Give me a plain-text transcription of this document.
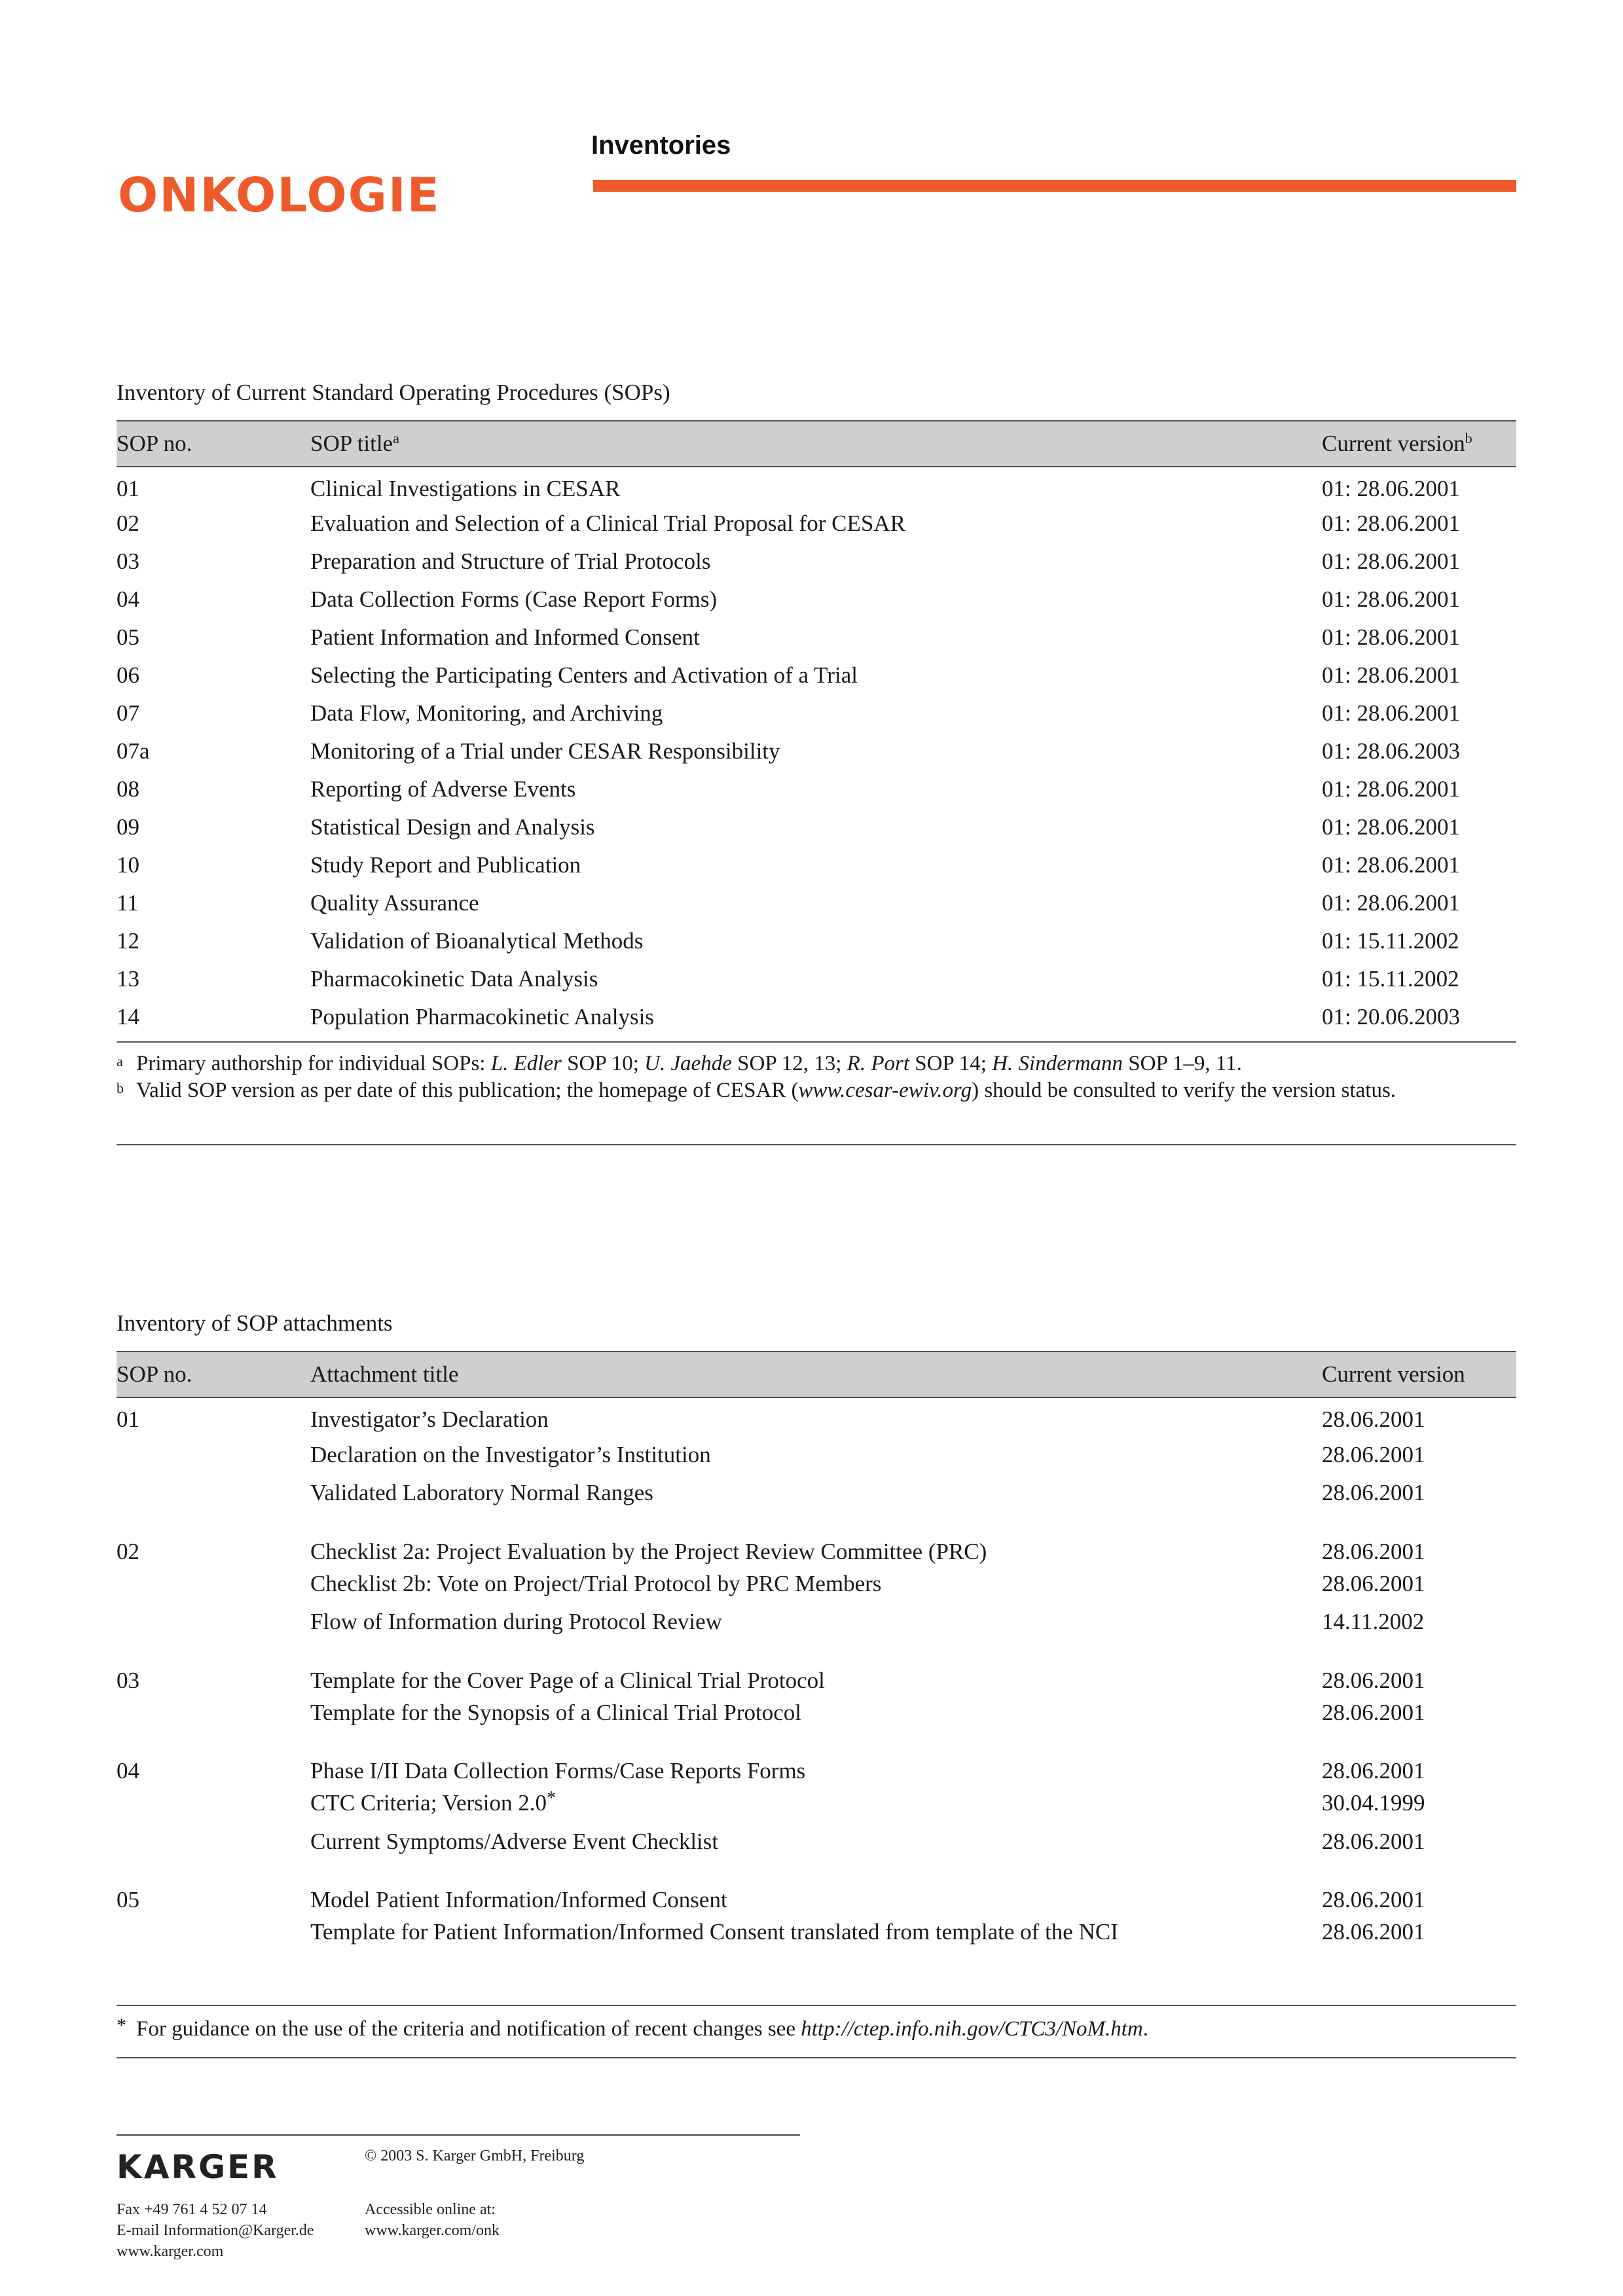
Inventories
ONKOLOGIE
Inventory of Current Standard Operating Procedures (SOPs)
SOP no.	SOP title$^a$	Current version$^b$
01	Clinical Investigations in CESAR	01: 28.06.2001
02	Evaluation and Selection of a Clinical Trial Proposal for CESAR	01: 28.06.2001
03	Preparation and Structure of Trial Protocols	01: 28.06.2001
04	Data Collection Forms (Case Report Forms)	01: 28.06.2001
05	Patient Information and Informed Consent	01: 28.06.2001
06	Selecting the Participating Centers and Activation of a Trial	01: 28.06.2001
07	Data Flow, Monitoring, and Archiving	01: 28.06.2001
07a	Monitoring of a Trial under CESAR Responsibility	01: 28.06.2003
08	Reporting of Adverse Events	01: 28.06.2001
09	Statistical Design and Analysis	01: 28.06.2001
10	Study Report and Publication	01: 28.06.2001
11	Quality Assurance	01: 28.06.2001
12	Validation of Bioanalytical Methods	01: 15.11.2002
13	Pharmacokinetic Data Analysis	01: 15.11.2002
14	Population Pharmacokinetic Analysis	01: 20.06.2003
a Primary authorship for individual SOPs: L. Edler SOP 10; U. Jaehde SOP 12, 13; R. Port SOP 14; H. Sindermann SOP 1–9, 11.
b Valid SOP version as per date of this publication; the homepage of CESAR (www.cesar-ewiv.org) should be consulted to verify the version status.
Inventory of SOP attachments
SOP no.	Attachment title	Current version
01	Investigator’s Declaration	28.06.2001
	Declaration on the Investigator’s Institution	28.06.2001
	Validated Laboratory Normal Ranges	28.06.2001
02	Checklist 2a: Project Evaluation by the Project Review Committee (PRC)	28.06.2001
	Checklist 2b: Vote on Project/Trial Protocol by PRC Members	28.06.2001
	Flow of Information during Protocol Review	14.11.2002
03	Template for the Cover Page of a Clinical Trial Protocol	28.06.2001
	Template for the Synopsis of a Clinical Trial Protocol	28.06.2001
04	Phase I/II Data Collection Forms/Case Reports Forms	28.06.2001
	CTC Criteria; Version 2.0*	30.04.1999
	Current Symptoms/Adverse Event Checklist	28.06.2001
05	Model Patient Information/Informed Consent	28.06.2001
	Template for Patient Information/Informed Consent translated from template of the NCI	28.06.2001
* For guidance on the use of the criteria and notification of recent changes see http://ctep.info.nih.gov/CTC3/NoM.htm.
KARGER	© 2003 S. Karger GmbH, Freiburg
Fax +49 761 4 52 07 14
E-mail Information@Karger.de
www.karger.com
Accessible online at:
www.karger.com/onk
